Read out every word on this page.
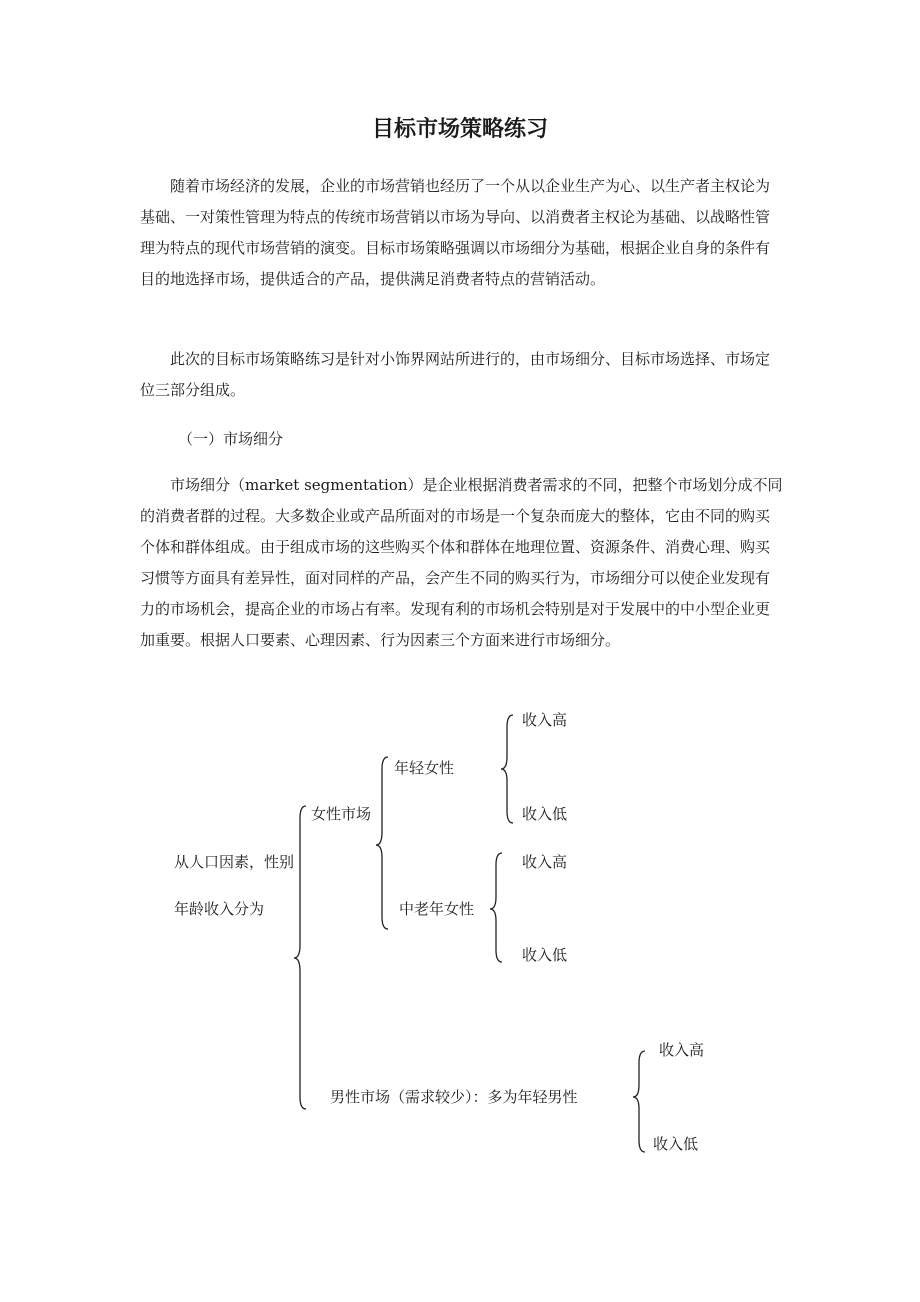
目标市场策略练习

随着市场经济的发展，企业的市场营销也经历了一个从以企业生产为心、以生产者主权论为基础、一对策性管理为特点的传统市场营销以市场为导向、以消费者主权论为基础、以战略性管理为特点的现代市场营销的演变。目标市场策略强调以市场细分为基础，根据企业自身的条件有目的地选择市场，提供适合的产品，提供满足消费者特点的营销活动。

此次的目标市场策略练习是针对小饰界网站所进行的，由市场细分、目标市场选择、市场定位三部分组成。

（一）市场细分

市场细分（market segmentation）是企业根据消费者需求的不同，把整个市场划分成不同的消费者群的过程。大多数企业或产品所面对的市场是一个复杂而庞大的整体，它由不同的购买个体和群体组成。由于组成市场的这些购买个体和群体在地理位置、资源条件、消费心理、购买习惯等方面具有差异性，面对同样的产品，会产生不同的购买行为，市场细分可以使企业发现有力的市场机会，提高企业的市场占有率。发现有利的市场机会特别是对于发展中的中小型企业更加重要。根据人口要素、心理因素、行为因素三个方面来进行市场细分。

收入高
年轻女性
女性市场	收入低
从人口因素，性别	收入高
年龄收入分为	中老年女性
收入低
收入高
男性市场（需求较少）：多为年轻男性
收入低
